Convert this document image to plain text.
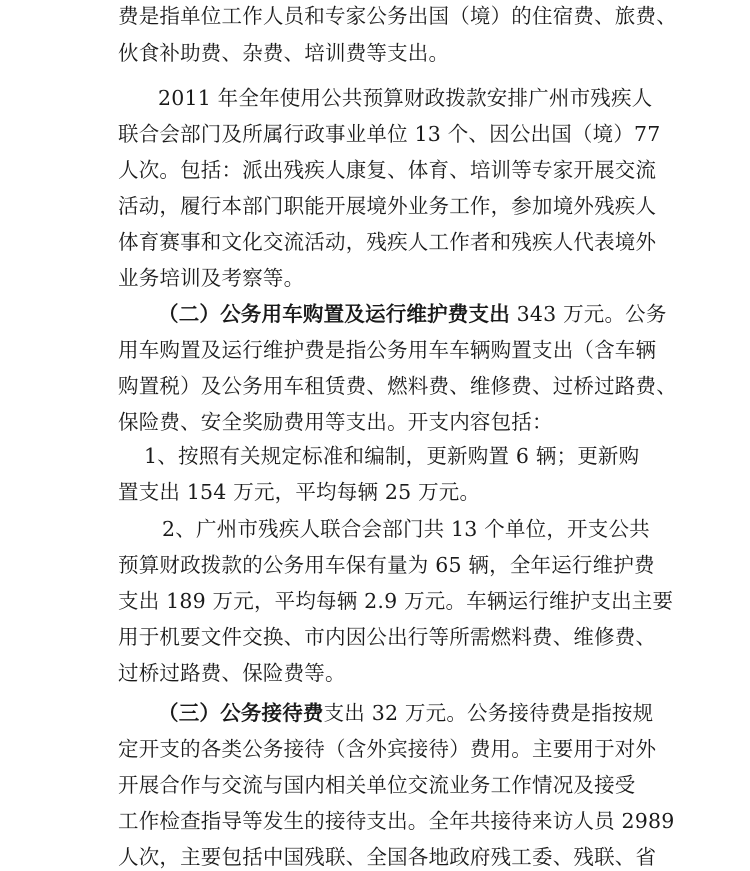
费是指单位工作人员和专家公务出国（境）的住宿费、旅费、
伙食补助费、杂费、培训费等支出。
2011 年全年使用公共预算财政拨款安排广州市残疾人
联合会部门及所属行政事业单位 13 个、因公出国（境）77
人次。包括：派出残疾人康复、体育、培训等专家开展交流
活动，履行本部门职能开展境外业务工作，参加境外残疾人
体育赛事和文化交流活动，残疾人工作者和残疾人代表境外
业务培训及考察等。
（二）公务用车购置及运行维护费支出 343 万元。公务
用车购置及运行维护费是指公务用车车辆购置支出（含车辆
购置税）及公务用车租赁费、燃料费、维修费、过桥过路费、
保险费、安全奖励费用等支出。开支内容包括：
1、按照有关规定标准和编制，更新购置 6 辆；更新购
置支出 154 万元，平均每辆 25 万元。
2、广州市残疾人联合会部门共 13 个单位，开支公共
预算财政拨款的公务用车保有量为 65 辆，全年运行维护费
支出 189 万元，平均每辆 2.9 万元。车辆运行维护支出主要
用于机要文件交换、市内因公出行等所需燃料费、维修费、
过桥过路费、保险费等。
（三）公务接待费支出 32 万元。公务接待费是指按规
定开支的各类公务接待（含外宾接待）费用。主要用于对外
开展合作与交流与国内相关单位交流业务工作情况及接受
工作检查指导等发生的接待支出。全年共接待来访人员 2989
人次，主要包括中国残联、全国各地政府残工委、残联、省
